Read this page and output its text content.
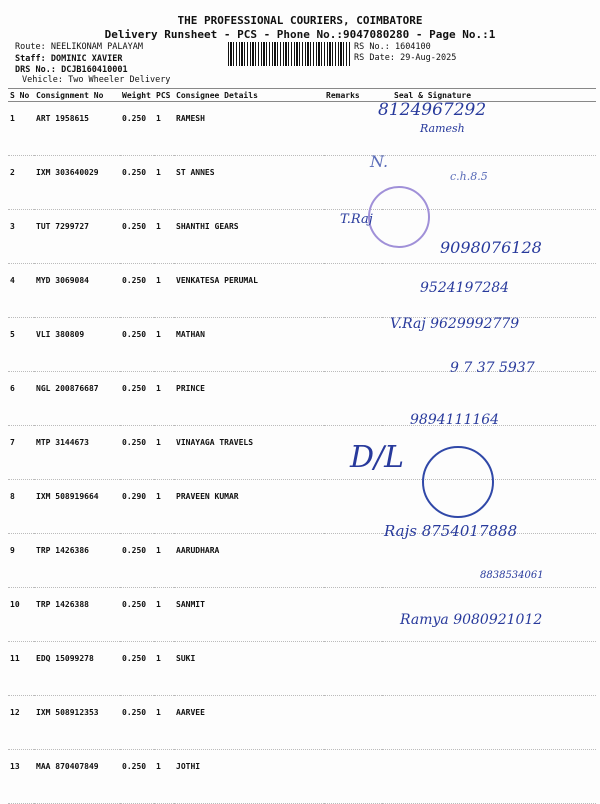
THE PROFESSIONAL COURIERS, COIMBATORE
Delivery Runsheet - PCS - Phone No.:9047080280 - Page No.:1
Route: NEELIKONAM PALAYAM
Staff: DOMINIC XAVIER
DRS No.: DCJB160410001
Vehicle: Two Wheeler Delivery
RS No.: 1604100
RS Date: 29-Aug-2025
S No	Consignment No	Weight	PCS	Consignee Details	Remarks	Seal & Signature
1	ART 1958615	0.250	1	RAMESH		
2	IXM 303640029	0.250	1	ST ANNES		
3	TUT 7299727	0.250	1	SHANTHI GEARS		
4	MYD 3069084	0.250	1	VENKATESA PERUMAL		
5	VLI 380809	0.250	1	MATHAN		
6	NGL 200876687	0.250	1	PRINCE		
7	MTP 3144673	0.250	1	VINAYAGA TRAVELS		
8	IXM 508919664	0.290	1	PRAVEEN KUMAR		
9	TRP 1426386	0.250	1	AARUDHARA		
10	TRP 1426388	0.250	1	SANMIT		
11	EDQ 15099278	0.250	1	SUKI		
12	IXM 508912353	0.250	1	AARVEE		
13	MAA 870407849	0.250	1	JOTHI		
8124967292
Ramesh
N.
c.h.8.5
T.Raj
9098076128
9524197284
V.Raj 9629992779
9 7 37 5937
9894111164
D/L
Rajs 8754017888
8838534061
Ramya 9080921012
